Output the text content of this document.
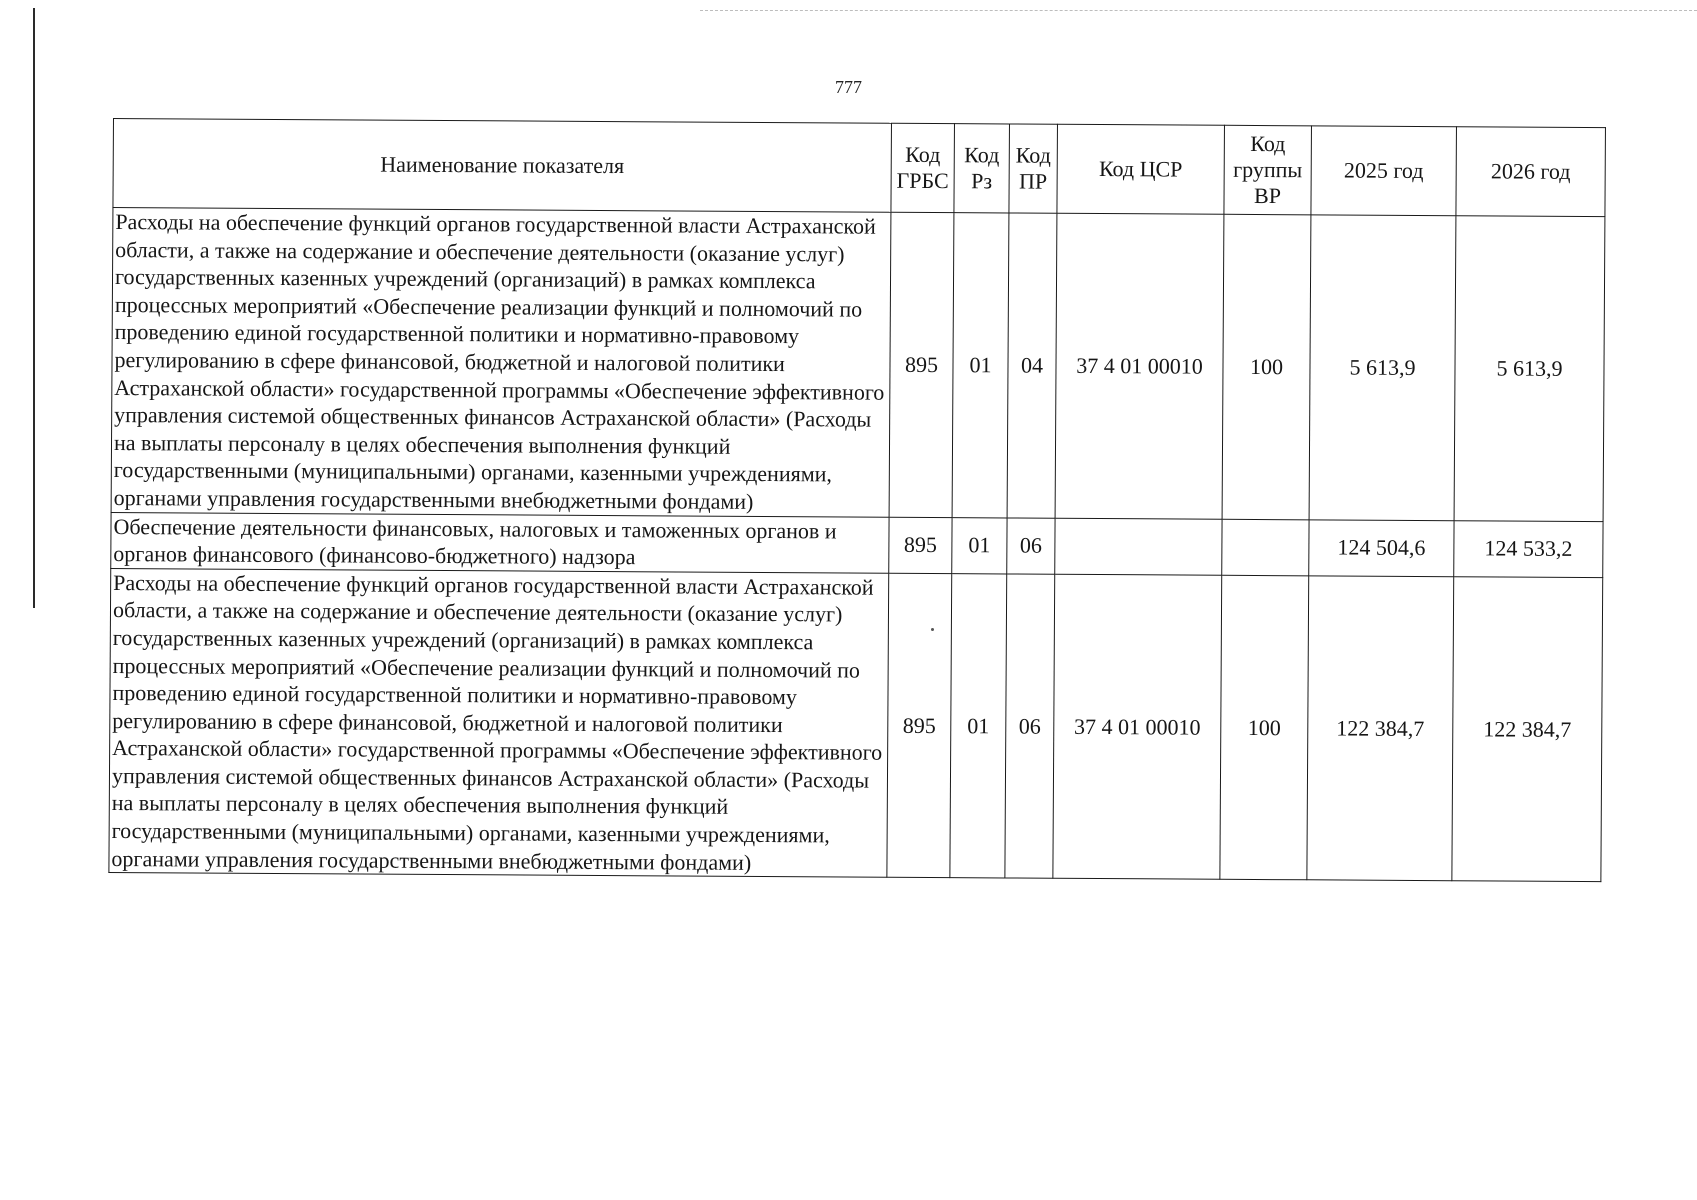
777
Наименование показателя	Код ГРБС	Код Рз	Код ПР	Код ЦСР	Код группы ВР	2025 год	2026 год
Расходы на обеспечение функций органов государственной власти Астраханской области, а также на содержание и обеспечение деятельности (оказание услуг) государственных казенных учреждений (организаций) в рамках комплекса процессных мероприятий «Обеспечение реализации функций и полномочий по проведению единой государственной политики и нормативно-правовому регулированию в сфере финансовой, бюджетной и налоговой политики Астраханской области» государственной программы «Обеспечение эффективного управления системой общественных финансов Астраханской области» (Расходы на выплаты персоналу в целях обеспечения выполнения функций государственными (муниципальными) органами, казенными учреждениями, органами управления государственными внебюджетными фондами)	895	01	04	37 4 01 00010	100	5 613,9	5 613,9
Обеспечение деятельности финансовых, налоговых и таможенных органов и органов финансового (финансово-бюджетного) надзора	895	01	06			124 504,6	124 533,2
Расходы на обеспечение функций органов государственной власти Астраханской области, а также на содержание и обеспечение деятельности (оказание услуг) государственных казенных учреждений (организаций) в рамках комплекса процессных мероприятий «Обеспечение реализации функций и полномочий по проведению единой государственной политики и нормативно-правовому регулированию в сфере финансовой, бюджетной и налоговой политики Астраханской области» государственной программы «Обеспечение эффективного управления системой общественных финансов Астраханской области» (Расходы на выплаты персоналу в целях обеспечения выполнения функций государственными (муниципальными) органами, казенными учреждениями, органами управления государственными внебюджетными фондами)	895	01	06	37 4 01 00010	100	122 384,7	122 384,7
